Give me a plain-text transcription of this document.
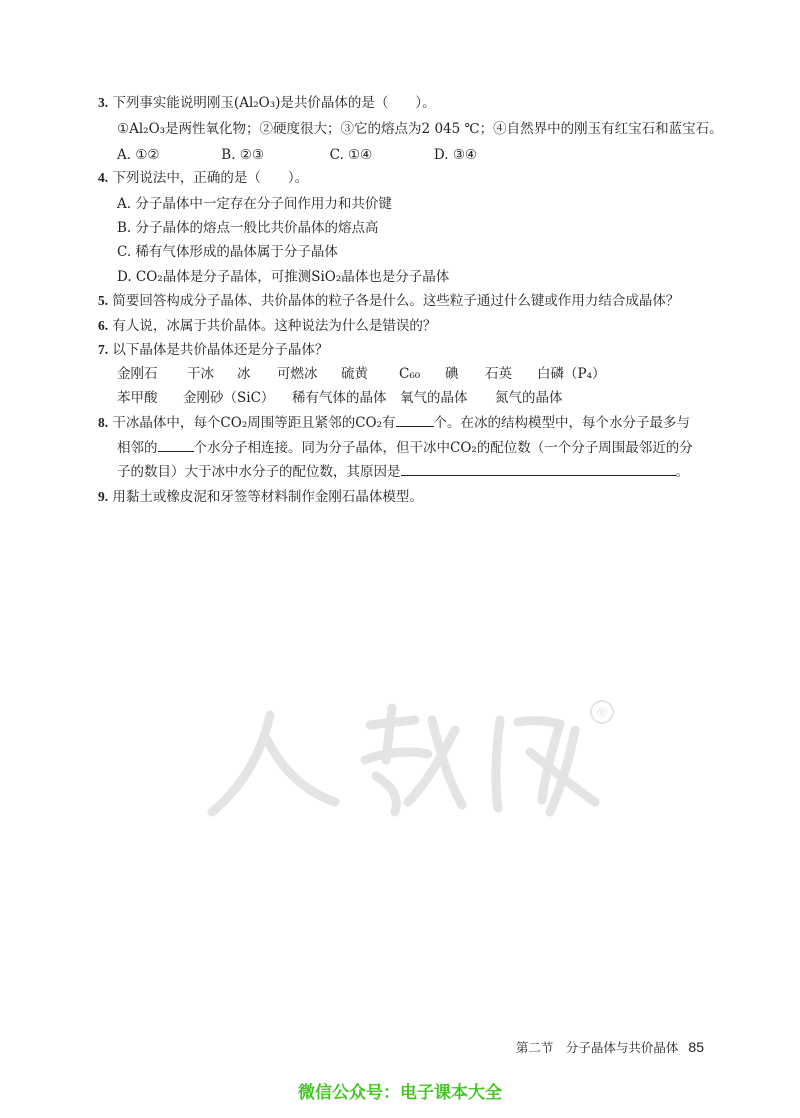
3. 下列事实能说明刚玉(Al₂O₃)是共价晶体的是（　　）。
①Al₂O₃是两性氧化物；②硬度很大；③它的熔点为2 045 ℃；④自然界中的刚玉有红宝石和蓝宝石。
A. ①②	B. ②③	C. ①④	D. ③④
4. 下列说法中，正确的是（　　）。
A. 分子晶体中一定存在分子间作用力和共价键
B. 分子晶体的熔点一般比共价晶体的熔点高
C. 稀有气体形成的晶体属于分子晶体
D. CO₂晶体是分子晶体，可推测SiO₂晶体也是分子晶体
5. 简要回答构成分子晶体、共价晶体的粒子各是什么。这些粒子通过什么键或作用力结合成晶体？
6. 有人说，冰属于共价晶体。这种说法为什么是错误的？
7. 以下晶体是共价晶体还是分子晶体？
金刚石 干冰 冰 可燃冰 硫黄 C₆₀ 碘 石英 白磷（P₄）
苯甲酸 金刚砂（SiC） 稀有气体的晶体 氧气的晶体 氮气的晶体
8. 干冰晶体中，每个CO₂周围等距且紧邻的CO₂有	个。在冰的结构模型中，每个水分子最多与
相邻的	个水分子相连接。同为分子晶体，但干冰中CO₂的配位数（一个分子周围最邻近的分
子的数目）大于冰中水分子的配位数，其原因是	。
9. 用黏土或橡皮泥和牙签等材料制作金刚石晶体模型。
®
第二节　分子晶体与共价晶体 85
微信公众号：电子课本大全
